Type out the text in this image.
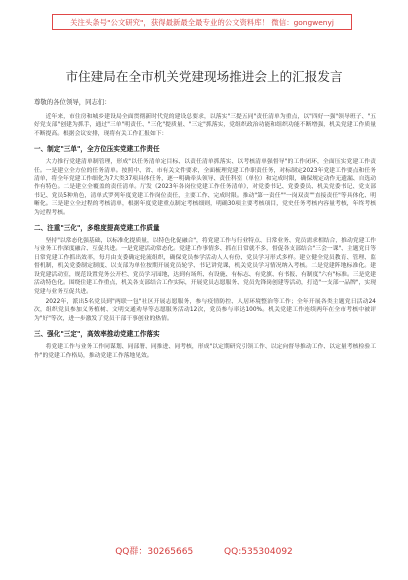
关注头条号"公文研究"，获得最新最全最专业的公文资料库！ 微信：gongwenyj
市住建局在全市机关党建现场推进会上的汇报发言
尊敬的各位领导，同志们：

近年来，市住房和城乡建设局全面贯彻新时代党的建设总要求，以落实"三提五同"责任清单为重点，以"四好一强"领导班子、"五好党支部"创建为抓手，通过"三单"明责任、"三化"提质量、"三定"抓落实，党组织政治功能和组织功能不断增强，机关党建工作质量不断提高。根据会议安排，现将有关工作汇报如下：

一、制定"三单"，全方位压实党建工作责任

大力推行党建清单制管理，形成"以任务清单定目标、以责任清单抓落实、以考核清单强督导"的工作闭环，全面压实党建工作责任。一是建立全方位的任务清单。按照中、省、市有关文件要求，全面梳理党建工作职责任务，对标制定2023年党建工作要点和任务清单，将全年党建工作细化为7大类37项具体任务，逐一明确牵头领导、责任科室（单位）和完成时限，确保规定动作无遗漏、自选动作有特色。二是建立全覆盖的责任清单。厅发《2023年各岗位党建工作任务清单》，对党委书记、党委委员、机关党委书记、党支部书记、党员5种角色，清单式罗列年度党建工作岗位责任，主要工作、完成时限。推动"第一责任""一岗双责""直接责任"等具体化、明晰化。三是建立全过程的考核清单，根据年度党建重点制定考核细则，明确30项主要考核项目，党史任务考核内容量考核，年终考核为过程考核。

二、注重"三化"，多维度提高党建工作质量

坚持"以常态化强基础，以标准化提质量，以特色化促融合"，将党建工作与行业特点、日常业务、党员需求相结合，推动党建工作与业务工作深度融合、互促共进。一是党建活动常态化。党建工作事情多、抓在日常就不多，督促各支部结合"三会一课"、主题党日等日常党建工作抓出效率，每月由支委确定轮流组织，确保党员参学活动人人有份、党员学习形式多样。建立健全党员教育、管理、监督机制，机关党委制定制度、以支部为单位按期开展党员轮学、书记讲党课，机关党员学习情况纳入考核。二是党建阵地标准化。建设党建活动室，规范设置党务公开栏、党员学习园地，达到有场所、有设施、有标志、有党旗、有书报、有制度"六有"标准。三是党建活动特色化。围绕住建工作重点，机关各支部结合工作实际，开展党员志愿服务、党员先锋岗创建等活动，打造"一支部一品牌"，实现党建与业务互促共进。

2022年，派出5名党员到"两联一包"社区开展志愿服务，参与疫情防控、人居环境整治等工作；全年开展各类主题党日活动24次，组织党员参加义务植树、文明交通劝导等志愿服务活动12次，党员参与率达100%。机关党建工作连续两年在全市考核中被评为"好"等次，进一步激发了党员干部干事创业的热情。

三、强化"三定"，高效率推动党建工作落实

将党建工作与业务工作同谋划、同部署、同推进、同考核，形成"以定期研究引领工作、以定向督导推动工作、以定量考核检验工作"的党建工作格局，推动党建工作落地见效。

QQ群：30265665	QQ:535304092
